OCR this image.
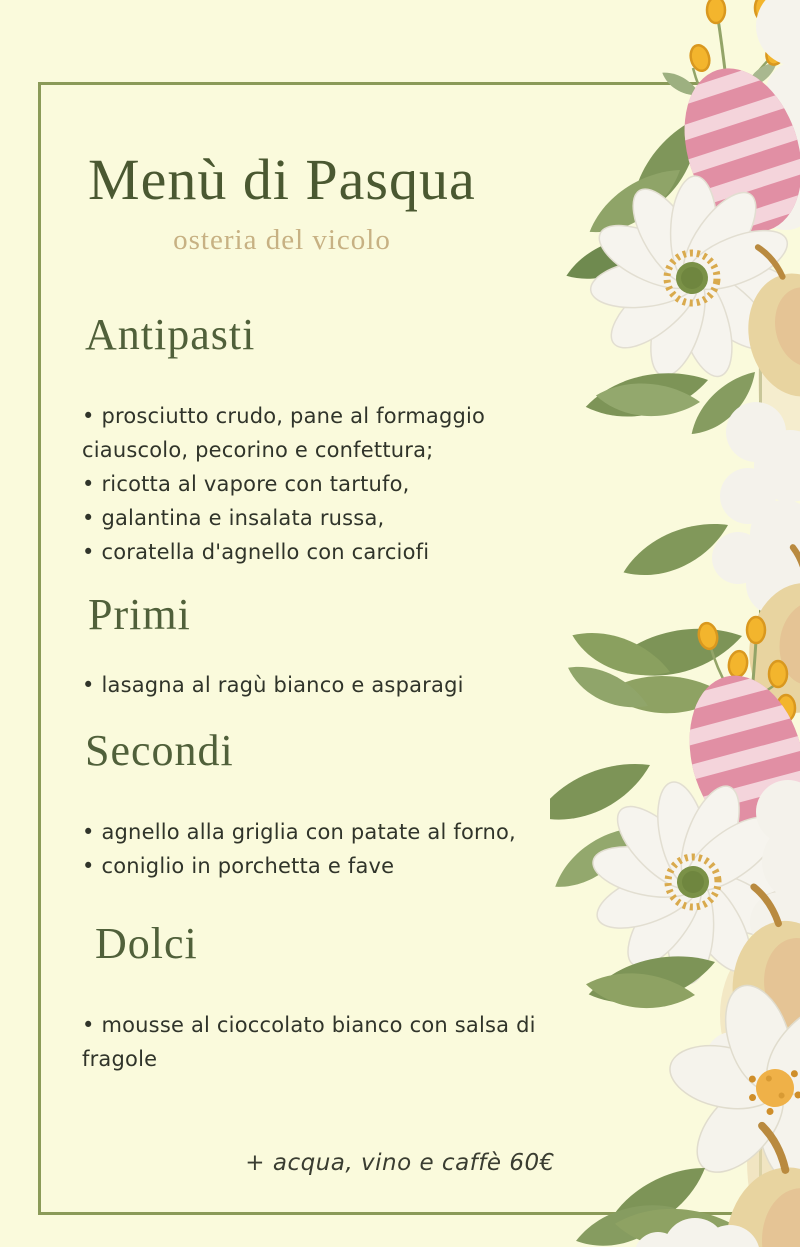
Menù di Pasqua
osteria del vicolo
Antipasti
• prosciutto crudo, pane al formaggio
ciauscolo, pecorino e confettura;
• ricotta al vapore con tartufo,
• galantina e insalata russa,
• coratella d'agnello con carciofi
Primi
• lasagna al ragù bianco e asparagi
Secondi
• agnello alla griglia con patate al forno,
• coniglio in porchetta e fave
Dolci
• mousse al cioccolato bianco con salsa di
fragole
+ acqua, vino e caffè 60€
